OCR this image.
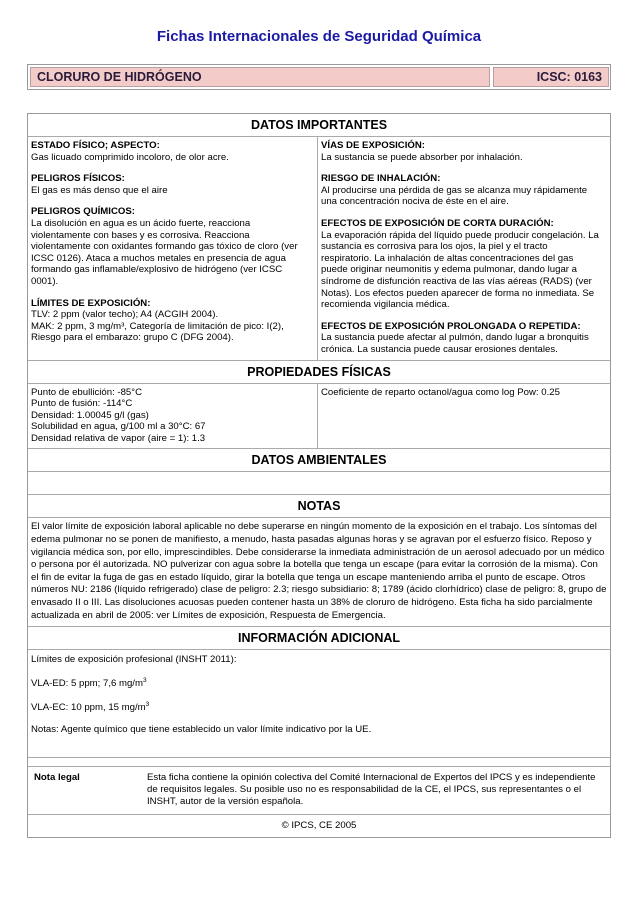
Fichas Internacionales de Seguridad Química
CLORURO DE HIDRÓGENO	ICSC: 0163
DATOS IMPORTANTES
ESTADO FÍSICO; ASPECTO:
Gas licuado comprimido incoloro, de olor acre.
PELIGROS FÍSICOS:
El gas es más denso que el aire
PELIGROS QUÍMICOS:
La disolución en agua es un ácido fuerte, reacciona
violentamente con bases y es corrosiva. Reacciona
violentamente con oxidantes formando gas tóxico de cloro (ver
ICSC 0126). Ataca a muchos metales en presencia de agua
formando gas inflamable/explosivo de hidrógeno (ver ICSC
0001).
LÍMITES DE EXPOSICIÓN:
TLV: 2 ppm (valor techo); A4 (ACGIH 2004).
MAK: 2 ppm, 3 mg/m³, Categoría de limitación de pico: I(2),
Riesgo para el embarazo: grupo C (DFG 2004).
VÍAS DE EXPOSICIÓN:
La sustancia se puede absorber por inhalación.
RIESGO DE INHALACIÓN:
Al producirse una pérdida de gas se alcanza muy rápidamente
una concentración nociva de éste en el aire.
EFECTOS DE EXPOSICIÓN DE CORTA DURACIÓN:
La evaporación rápida del líquido puede producir congelación. La
sustancia es corrosiva para los ojos, la piel y el tracto
respiratorio. La inhalación de altas concentraciones del gas
puede originar neumonitis y edema pulmonar, dando lugar a
síndrome de disfunción reactiva de las vías aéreas (RADS) (ver
Notas). Los efectos pueden aparecer de forma no inmediata. Se
recomienda vigilancia médica.
EFECTOS DE EXPOSICIÓN PROLONGADA O REPETIDA:
La sustancia puede afectar al pulmón, dando lugar a bronquitis
crónica. La sustancia puede causar erosiones dentales.
PROPIEDADES FÍSICAS
Punto de ebullición: -85°C
Punto de fusión: -114°C
Densidad: 1.00045 g/l (gas)
Solubilidad en agua, g/100 ml a 30°C: 67
Densidad relativa de vapor (aire = 1): 1.3
Coeficiente de reparto octanol/agua como log Pow: 0.25
DATOS AMBIENTALES
NOTAS
El valor límite de exposición laboral aplicable no debe superarse en ningún momento de la exposición en el trabajo. Los síntomas del edema pulmonar no se ponen de manifiesto, a menudo, hasta pasadas algunas horas y se agravan por el esfuerzo físico. Reposo y vigilancia médica son, por ello, imprescindibles. Debe considerarse la inmediata administración de un aerosol adecuado por un médico o persona por él autorizada. NO pulverizar con agua sobre la botella que tenga un escape (para evitar la corrosión de la misma). Con el fin de evitar la fuga de gas en estado líquido, girar la botella que tenga un escape manteniendo arriba el punto de escape. Otros números NU: 2186 (líquido refrigerado) clase de peligro: 2.3; riesgo subsidiario: 8; 1789 (ácido clorhídrico) clase de peligro: 8, grupo de envasado II o III. Las disoluciones acuosas pueden contener hasta un 38% de cloruro de hidrógeno. Esta ficha ha sido parcialmente actualizada en abril de 2005: ver Límites de exposición, Respuesta de Emergencia.
INFORMACIÓN ADICIONAL

Límites de exposición profesional (INSHT 2011):

VLA-ED: 5 ppm; 7,6 $mg/m^3$

VLA-EC: 10 ppm, 15 $mg/m^3$

Notas: Agente químico que tiene establecido un valor límite indicativo por la UE.

Nota legal	Esta ficha contiene la opinión colectiva del Comité Internacional de Expertos del IPCS y es independiente de requisitos legales. Su posible uso no es responsabilidad de la CE, el IPCS, sus representantes o el INSHT, autor de la versión española.
© IPCS, CE 2005
